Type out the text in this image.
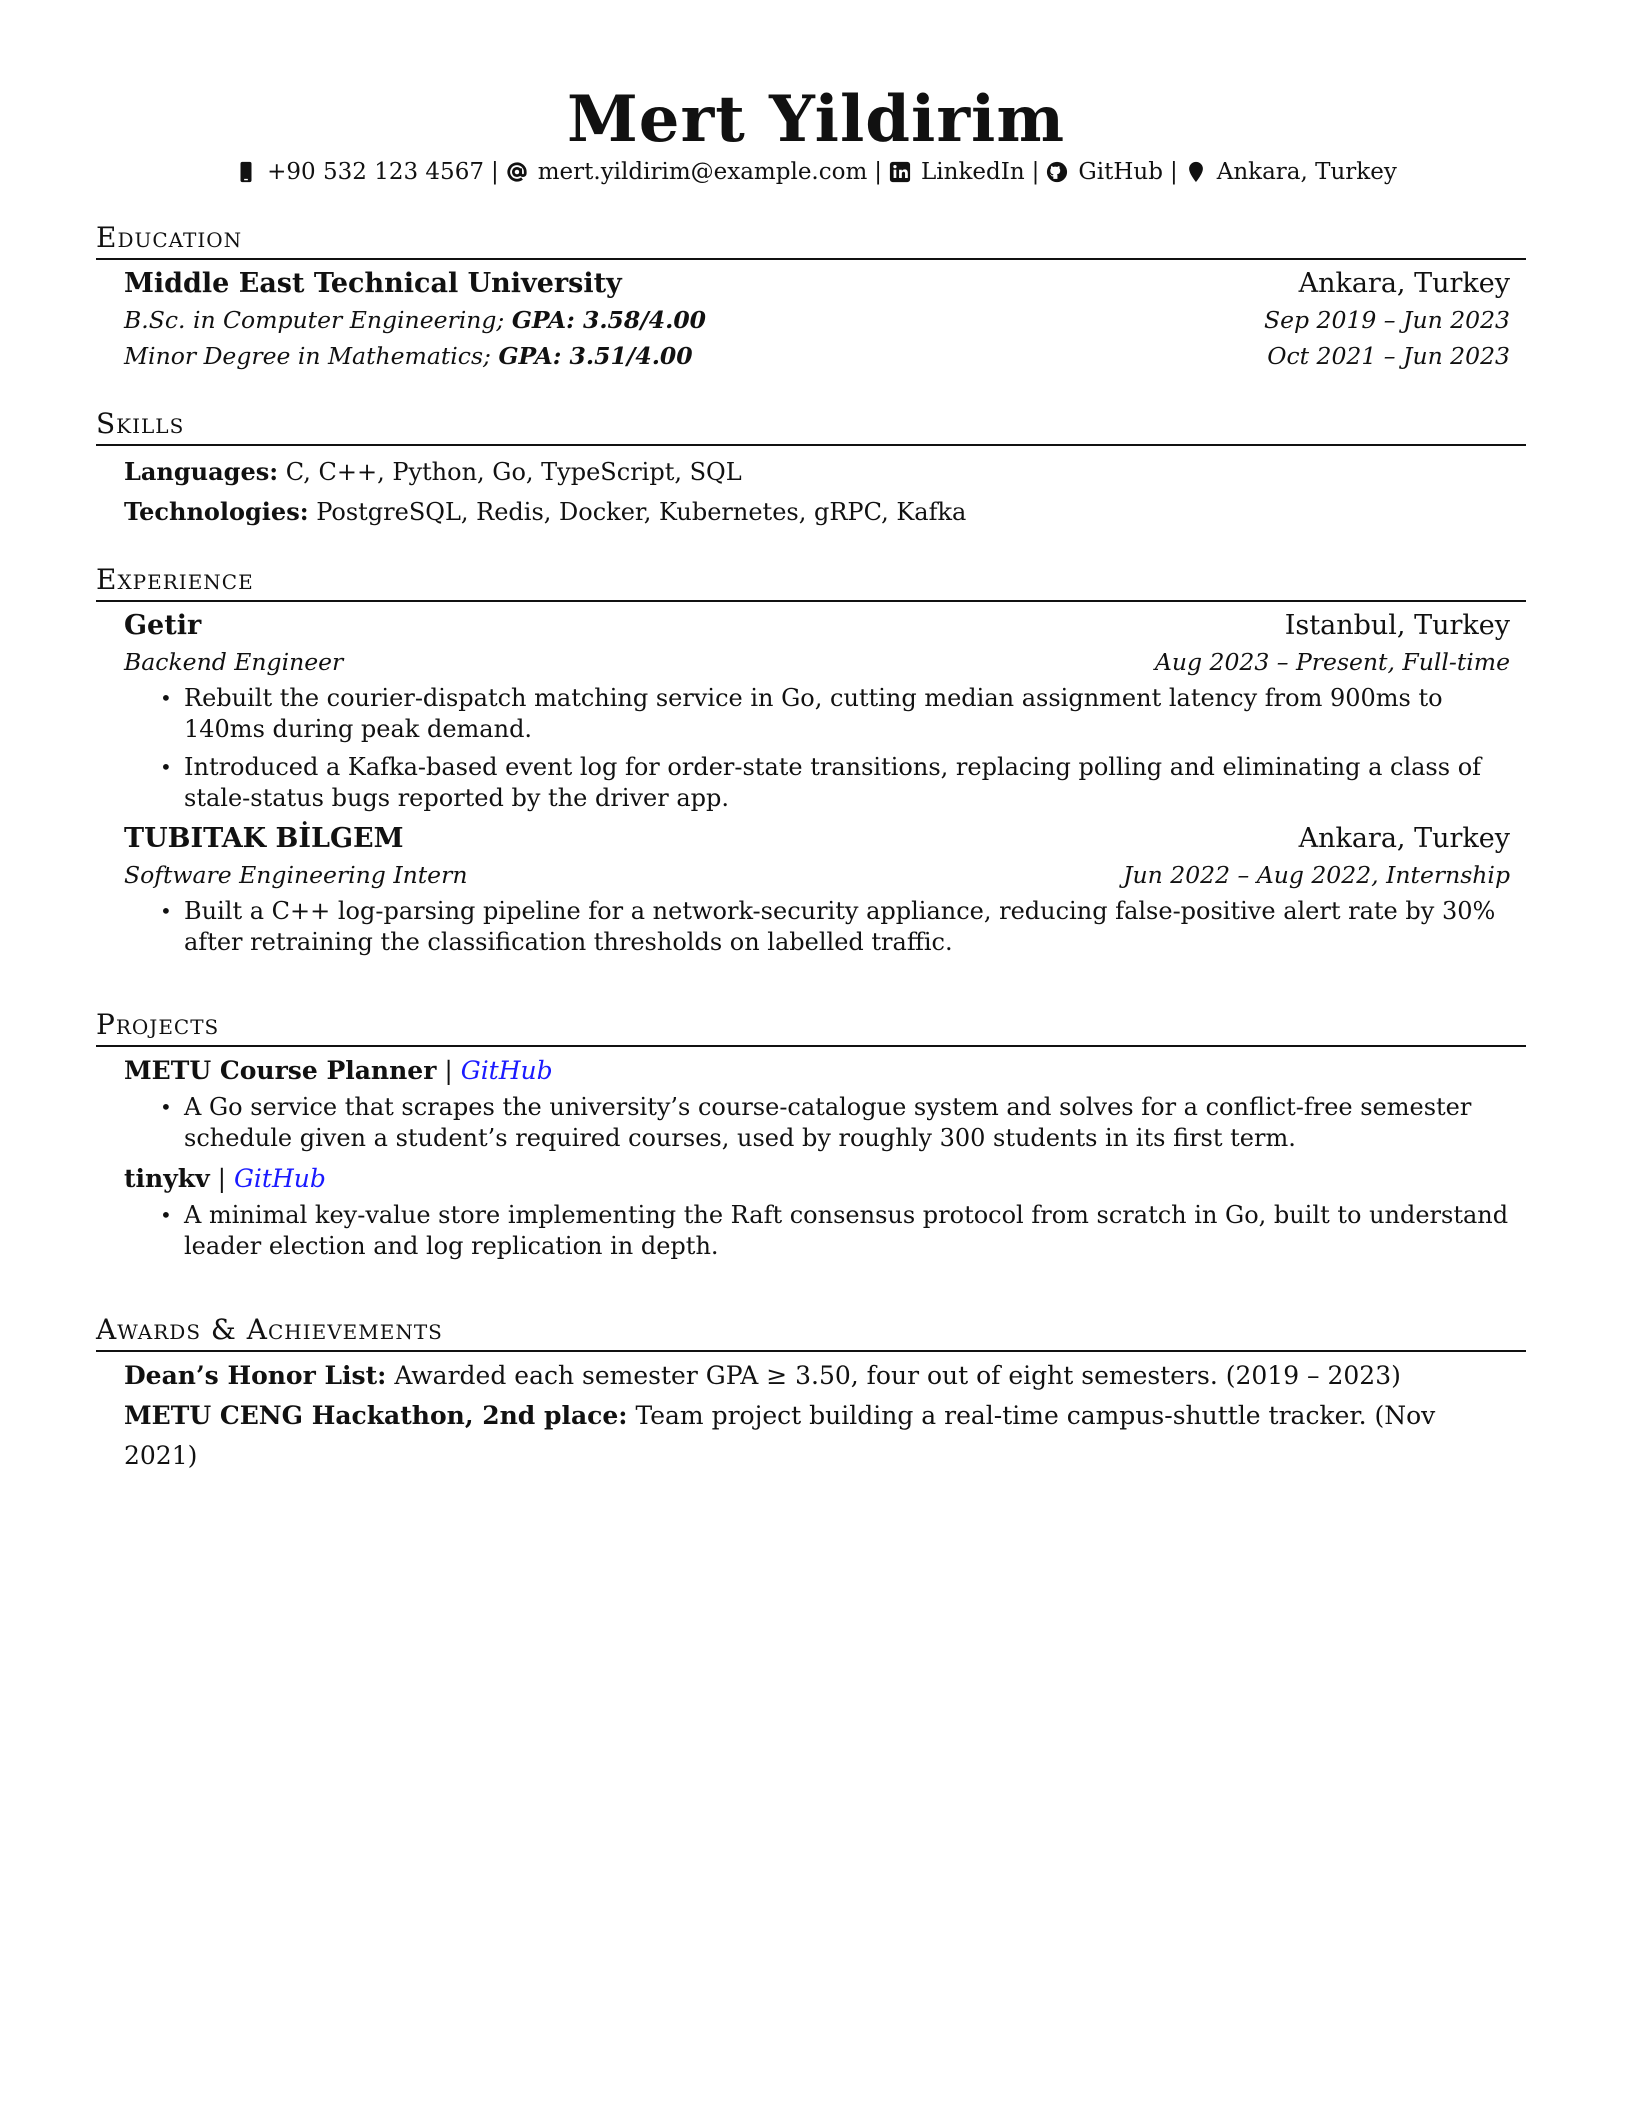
Mert Yildirim
+90 532 123 4567 | mert.yildirim@example.com | LinkedIn | GitHub | Ankara, Turkey
Education
Middle East Technical University	Ankara, Turkey
B.Sc. in Computer Engineering; GPA: 3.58/4.00	Sep 2019 – Jun 2023
Minor Degree in Mathematics; GPA: 3.51/4.00	Oct 2021 – Jun 2023
Skills
Languages: C, C++, Python, Go, TypeScript, SQL
Technologies: PostgreSQL, Redis, Docker, Kubernetes, gRPC, Kafka
Experience
Getir	Istanbul, Turkey
Backend Engineer	Aug 2023 – Present, Full-time
• Rebuilt the courier-dispatch matching service in Go, cutting median assignment latency from 900ms to 140ms during peak demand.
• Introduced a Kafka-based event log for order-state transitions, replacing polling and eliminating a class of stale-status bugs reported by the driver app.
TUBITAK BİLGEM	Ankara, Turkey
Software Engineering Intern	Jun 2022 – Aug 2022, Internship
• Built a C++ log-parsing pipeline for a network-security appliance, reducing false-positive alert rate by 30% after retraining the classification thresholds on labelled traffic.
Projects
METU Course Planner | GitHub
• A Go service that scrapes the university’s course-catalogue system and solves for a conflict-free semester schedule given a student’s required courses, used by roughly 300 students in its first term.
tinykv | GitHub
• A minimal key-value store implementing the Raft consensus protocol from scratch in Go, built to understand leader election and log replication in depth.
Awards & Achievements
Dean’s Honor List: Awarded each semester GPA ≥ 3.50, four out of eight semesters. (2019 – 2023)
METU CENG Hackathon, 2nd place: Team project building a real-time campus-shuttle tracker. (Nov 2021)
